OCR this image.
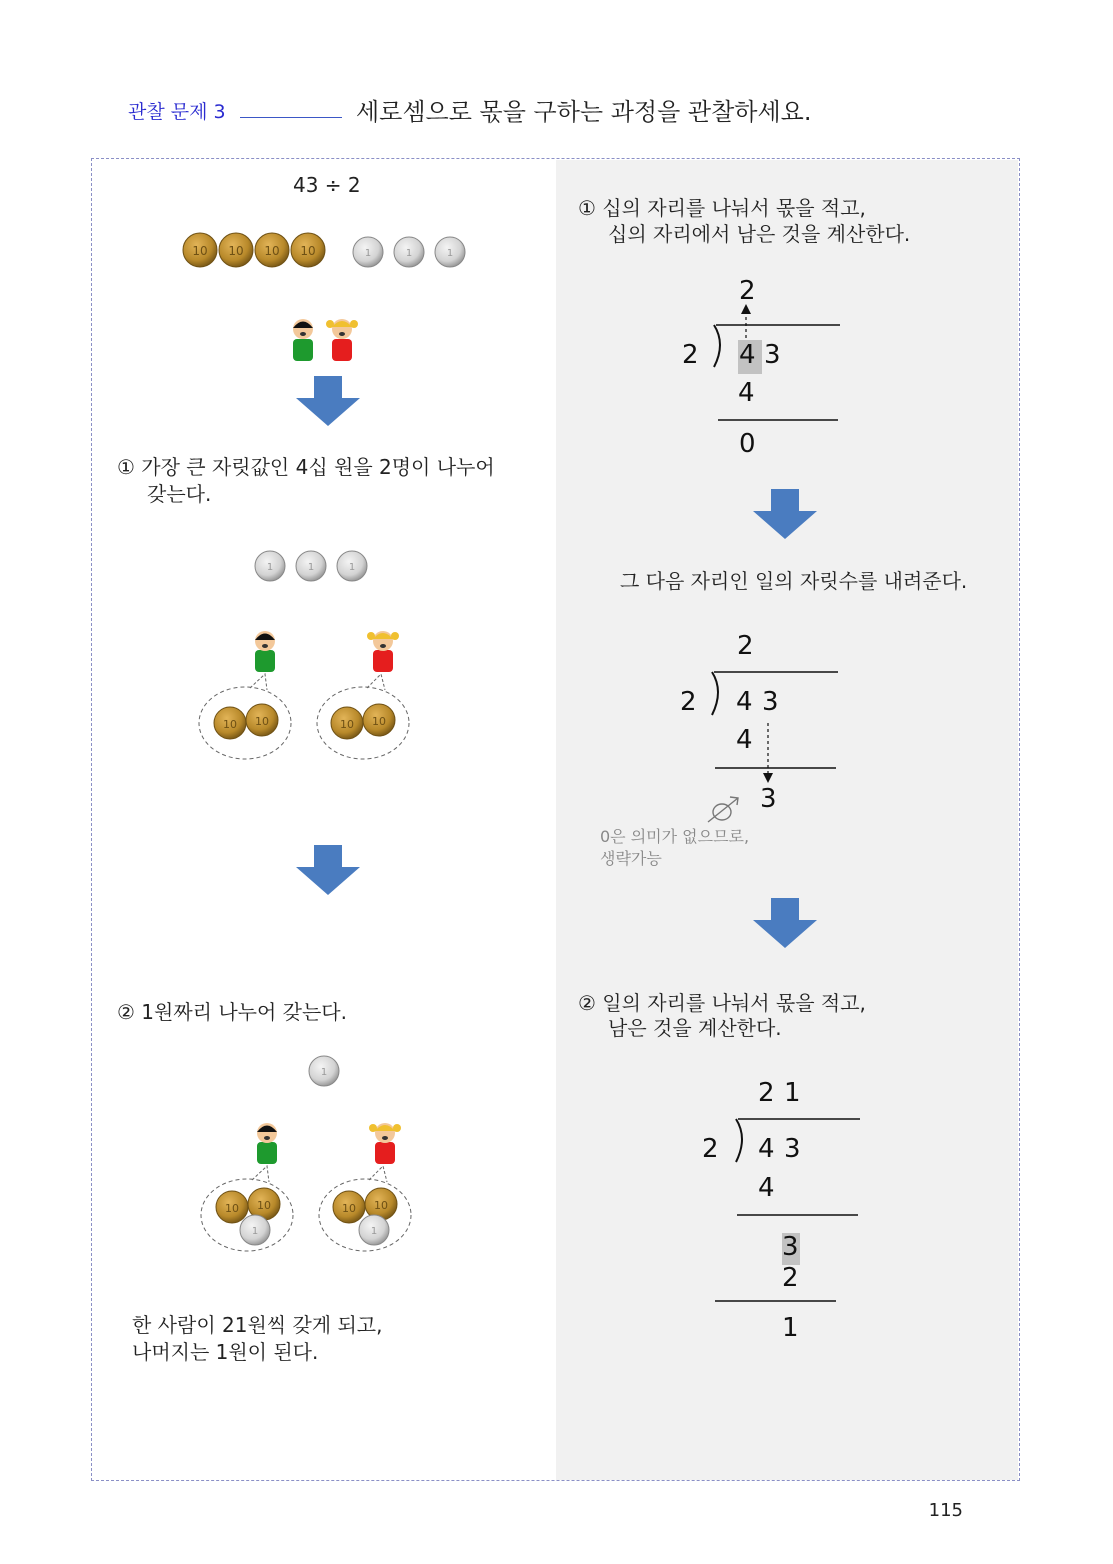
관찰 문제 3	세로셈으로 몫을 구하는 과정을 관찰하세요.
43 ÷ 2
10 10 10 10	1	1	1
① 가장 큰 자릿값인 4십 원을 2명이 나누어
갖는다.
1	1	1
10 10	10 10
② 1원짜리 나누어 갖는다.
1
10 10
1
10 10
1
한 사람이 21원씩 갖게 되고,
나머지는 1원이 된다.
① 십의 자리를 나눠서 몫을 적고,
십의 자리에서 남은 것을 계산한다.
2
2 4 3
4
0
그 다음 자리인 일의 자릿수를 내려준다.
2
2 4 3
4
3
0은 의미가 없으므로,
생략가능
② 일의 자리를 나눠서 몫을 적고,
남은 것을 계산한다.
2 1
2 4 3
4
3
2
1
115
